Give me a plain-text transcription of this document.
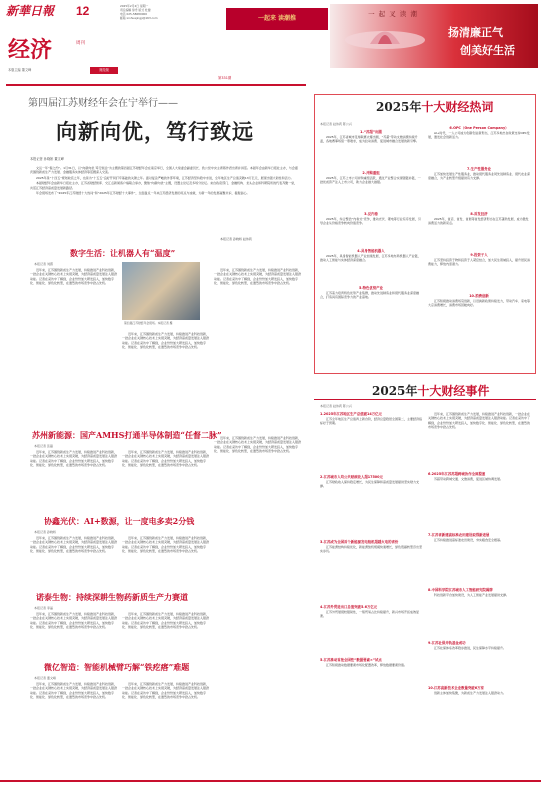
新華日報	12	2025年2月2日 星期一
责任编辑 徐舟 版式 杜健
电话 025-58680000
邮箱 xinhuajingji@163.com	一起来 读潮推
一 起 叉 读 潮
扬清廉正气
创美好生活
经济	周刊
本版主编 董文峰	财经版
第331期
第四届江苏财经年会在宁举行——
向新向优，笃行致远
本报记者 孙晓娇 董文峰

文运一年“春之约”。1月31日，以“向新向优 笃行致远”为主题的第四届江苏财经年会在南京举行，全国人大常委会副委员长、致公党中央主席蒋作君出席并讲话。本届年会由新华日报社主办，与会嘉宾围绕新质生产力发展、金融服务实体经济等话题深入交流。

2025年是“十四五”规划收官之年，也是为“十五五”良好开局打牢基础的关键之年。面对复杂严峻的外部环境，江苏经济坚持稳中求进，全年地区生产总值突破13万亿元，展现出强大韧性和活力。

本届财经年会由新华日报社主办，江苏省财经智库、交汇点新闻客户端联合承办，聚焦“向新向优”主题，设置主论坛及多场分论坛。来自政府部门、金融机构、龙头企业和科研院所的代表齐聚一堂，共话江苏经济高质量发展新路径。

年会现场发布了“2025年江苏财经十大热词”和“2025年江苏财经十大事件”，全面盘点一年来江苏经济发展的亮点与成就，为新一年的发展凝聚共识、提振信心。

本报记者 孙晓娇 赵伟莉
数字生活：让机器人有“温度”
本报记者 刘霞
近年来，江苏围绕新质生产力发展，持续推进产业科技创新，一批企业在关键核心技术上实现突破，为经济高质量发展注入强劲动能。记者在采访中了解到，企业纷纷加大研发投入，加快数字化、智能化、绿色化转型，在激烈的市场竞争中抢占先机。
第四届江苏财经年会现场。本报记者 摄
近年来，江苏围绕新质生产力发展，持续推进产业科技创新，一批企业在关键核心技术上实现突破，为经济高质量发展注入强劲动能。记者在采访中了解到，企业纷纷加大研发投入，加快数字化、智能化、绿色化转型，在激烈的市场竞争中抢占先机。
近年来，江苏围绕新质生产力发展，持续推进产业科技创新，一批企业在关键核心技术上实现突破，为经济高质量发展注入强劲动能。记者在采访中了解到，企业纷纷加大研发投入，加快数字化、智能化、绿色化转型，在激烈的市场竞争中抢占先机。
苏州新能源：国产AMHS打通半导体制造“任督二脉”
本报记者 张磊
近年来，江苏围绕新质生产力发展，持续推进产业科技创新，一批企业在关键核心技术上实现突破，为经济高质量发展注入强劲动能。记者在采访中了解到，企业纷纷加大研发投入，加快数字化、智能化、绿色化转型，在激烈的市场竞争中抢占先机。
近年来，江苏围绕新质生产力发展，持续推进产业科技创新，一批企业在关键核心技术上实现突破，为经济高质量发展注入强劲动能。记者在采访中了解到，企业纷纷加大研发投入，加快数字化、智能化、绿色化转型，在激烈的市场竞争中抢占先机。
协鑫光伏：AI+数源，让一度电多卖2分钱
本报记者 孙晓娇
近年来，江苏围绕新质生产力发展，持续推进产业科技创新，一批企业在关键核心技术上实现突破，为经济高质量发展注入强劲动能。记者在采访中了解到，企业纷纷加大研发投入，加快数字化、智能化、绿色化转型，在激烈的市场竞争中抢占先机。
近年来，江苏围绕新质生产力发展，持续推进产业科技创新，一批企业在关键核心技术上实现突破，为经济高质量发展注入强劲动能。记者在采访中了解到，企业纷纷加大研发投入，加快数字化、智能化、绿色化转型，在激烈的市场竞争中抢占先机。
近年来，江苏围绕新质生产力发展，持续推进产业科技创新，一批企业在关键核心技术上实现突破，为经济高质量发展注入强劲动能。记者在采访中了解到，企业纷纷加大研发投入，加快数字化、智能化、绿色化转型，在激烈的市场竞争中抢占先机。
诺泰生物：持续深耕生物药新质生产力赛道
本报记者 李晶
近年来，江苏围绕新质生产力发展，持续推进产业科技创新，一批企业在关键核心技术上实现突破，为经济高质量发展注入强劲动能。记者在采访中了解到，企业纷纷加大研发投入，加快数字化、智能化、绿色化转型，在激烈的市场竞争中抢占先机。
近年来，江苏围绕新质生产力发展，持续推进产业科技创新，一批企业在关键核心技术上实现突破，为经济高质量发展注入强劲动能。记者在采访中了解到，企业纷纷加大研发投入，加快数字化、智能化、绿色化转型，在激烈的市场竞争中抢占先机。
微亿智造：智能机械臂巧解“铁疙瘩”难题
本报记者 董文峰
近年来，江苏围绕新质生产力发展，持续推进产业科技创新，一批企业在关键核心技术上实现突破，为经济高质量发展注入强劲动能。记者在采访中了解到，企业纷纷加大研发投入，加快数字化、智能化、绿色化转型，在激烈的市场竞争中抢占先机。
近年来，江苏围绕新质生产力发展，持续推进产业科技创新，一批企业在关键核心技术上实现突破，为经济高质量发展注入强劲动能。记者在采访中了解到，企业纷纷加大研发投入，加快数字化、智能化、绿色化转型，在激烈的市场竞争中抢占先机。
2025年十大财经热词
本报记者 赵伟莉 陈公兴
1.“苏超”出圈
2025年，江苏省城市足球联赛火爆出圈，“苏超”带动文旅消费持续升温，各地赛事场馆一票难求，成为拉动消费、促进城市融合发展的新引擎。
2.并购重组
2025年，江苏上市公司并购重组活跃，通过产业整合实现强链补链，一批优质资产注入上市公司，助力企业做大做强。
3.反内卷
2025年，综合整治“内卷式”竞争，推动光伏、锂电等行业有序发展，引导企业从价格竞争转向价值竞争。
4.具身智能机器人
2025年，具身智能机器人产业加速发展，江苏多地布局机器人产业链，推动人工智能与实体经济深度融合。
5.特色优势产业
江苏着力培育特色优势产业集群，推动先进制造业和现代服务业深度融合，打造具有国际竞争力的产业高地。
6.OPC（One Person Company）
AI+时代，一人公司成为创新创业新形态，江苏多地出台政策支持OPC发展，激发社会创新活力。
7.生产性服务业
江苏加快发展生产性服务业，推动现代服务业同先进制造业、现代农业深度融合，为产业转型升级提供有力支撑。
8.首发经济
2025年，首店、首发、首展等首发经济形态在江苏蓬勃发展，成为激发消费活力的新亮点。
9.投资于人
江苏坚持投资于物和投资于人紧密结合，加大民生领域投入，提升居民消费能力，释放内需潜力。
10.消费创新
江苏积极推动消费场景创新，以旧换新政策持续发力，带动汽车、家电等大宗消费增长，消费市场回暖向好。
2025年十大财经事件
本报记者 赵伟莉 陈公兴
1.2025年江苏地区生产总值破14万亿元
江苏全年地区生产总值再上新台阶，经济总量稳居全国第二，主要经济指标好于预期。
2.江苏城市人均公共财政收入超17500元
江苏财政收入保持稳定增长，为民生保障和高质量发展提供坚实财力支撑。
3.江苏成为全国首个新能源发电装机超越火电的省份
江苏能源结构持续优化，新能源装机规模快速增长，绿色低碳转型迈出坚实步伐。
4.江苏外贸进出口总值突破5.6万亿元
江苏外贸展现较强韧性，一般贸易占比持续提升，新兴市场开拓成效显著。
5.江苏推动首批全国性“数据要素×”试点
江苏积极推动数据要素市场化配置改革，释放数据要素价值。
近年来，江苏围绕新质生产力发展，持续推进产业科技创新，一批企业在关键核心技术上实现突破，为经济高质量发展注入强劲动能。记者在采访中了解到，企业纷纷加大研发投入，加快数字化、智能化、绿色化转型，在激烈的市场竞争中抢占先机。
6.2025年江苏苏超跨城协作全面提速
苏超带动跨城交通、文旅消费，促进区域协调发展。
7.江苏省新建高标准农田建设取得新进展
江苏持续推进高标准农田建设，夯实粮食安全根基。
8.中国科学院江苏城市人工智能研究院揭牌
科技创新平台加快建设，为人工智能产业发展提供支撑。
9.江苏社保并轨基金成功
江苏社保体系改革稳步推进，民生保障水平持续提升。
10.江苏高新技术企业数量突破6万家
创新主体加快集聚，为新质生产力发展注入强劲动力。
